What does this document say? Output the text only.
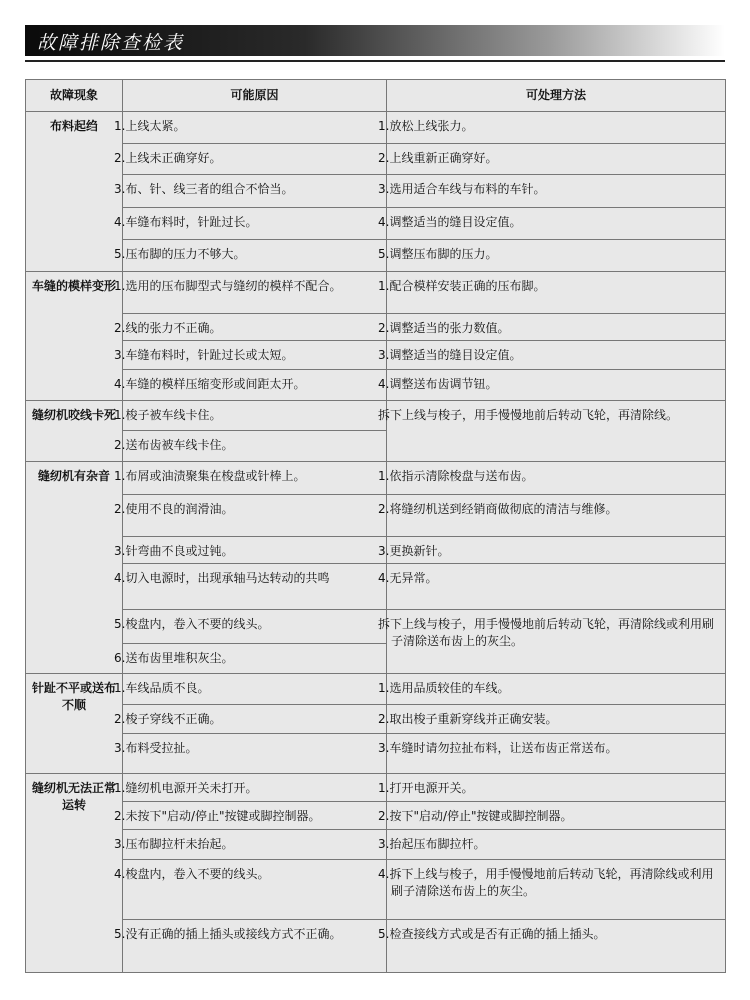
故障排除查检表
故障现象	可能原因	可处理方法
布料起绉	1.上线太紧。	1.放松上线张力。
	2.上线未正确穿好。	2.上线重新正确穿好。
	3.布、针、线三者的组合不恰当。	3.选用适合车线与布料的车针。
	4.车缝布料时，针趾过长。	4.调整适当的缝目设定值。
	5.压布脚的压力不够大。	5.调整压布脚的压力。
车缝的模样变形	1.选用的压布脚型式与缝纫的模样不配合。	1.配合模样安装正确的压布脚。
	2.线的张力不正确。	2.调整适当的张力数值。
	3.车缝布料时，针趾过长或太短。	3.调整适当的缝目设定值。
	4.车缝的模样压缩变形或间距太开。	4.调整送布齿调节钮。
缝纫机咬线卡死	1.梭子被车线卡住。	拆下上线与梭子，用手慢慢地前后转动飞轮，再清除线。
	2.送布齿被车线卡住。	
缝纫机有杂音	1.布屑或油渍聚集在梭盘或针棒上。	1.依指示清除梭盘与送布齿。
	2.使用不良的润滑油。	2.将缝纫机送到经销商做彻底的清洁与维修。
	3.针弯曲不良或过钝。	3.更换新针。
	4.切入电源时，出现承轴马达转动的共鸣	4.无异常。
	5.梭盘内，卷入不要的线头。	拆下上线与梭子，用手慢慢地前后转动飞轮，再清除线或利用刷子清除送布齿上的灰尘。
	6.送布齿里堆积灰尘。	
针趾不平或送布不顺	1.车线品质不良。	1.选用品质较佳的车线。
	2.梭子穿线不正确。	2.取出梭子重新穿线并正确安装。
	3.布料受拉扯。	3.车缝时请勿拉扯布料，让送布齿正常送布。
缝纫机无法正常运转	1.缝纫机电源开关未打开。	1.打开电源开关。
	2.未按下"启动/停止"按键或脚控制器。	2.按下"启动/停止"按键或脚控制器。
	3.压布脚拉杆未抬起。	3.抬起压布脚拉杆。
	4.梭盘内，卷入不要的线头。	4.拆下上线与梭子，用手慢慢地前后转动飞轮，再清除线或利用刷子清除送布齿上的灰尘。
	5.没有正确的插上插头或接线方式不正确。	5.检查接线方式或是否有正确的插上插头。
